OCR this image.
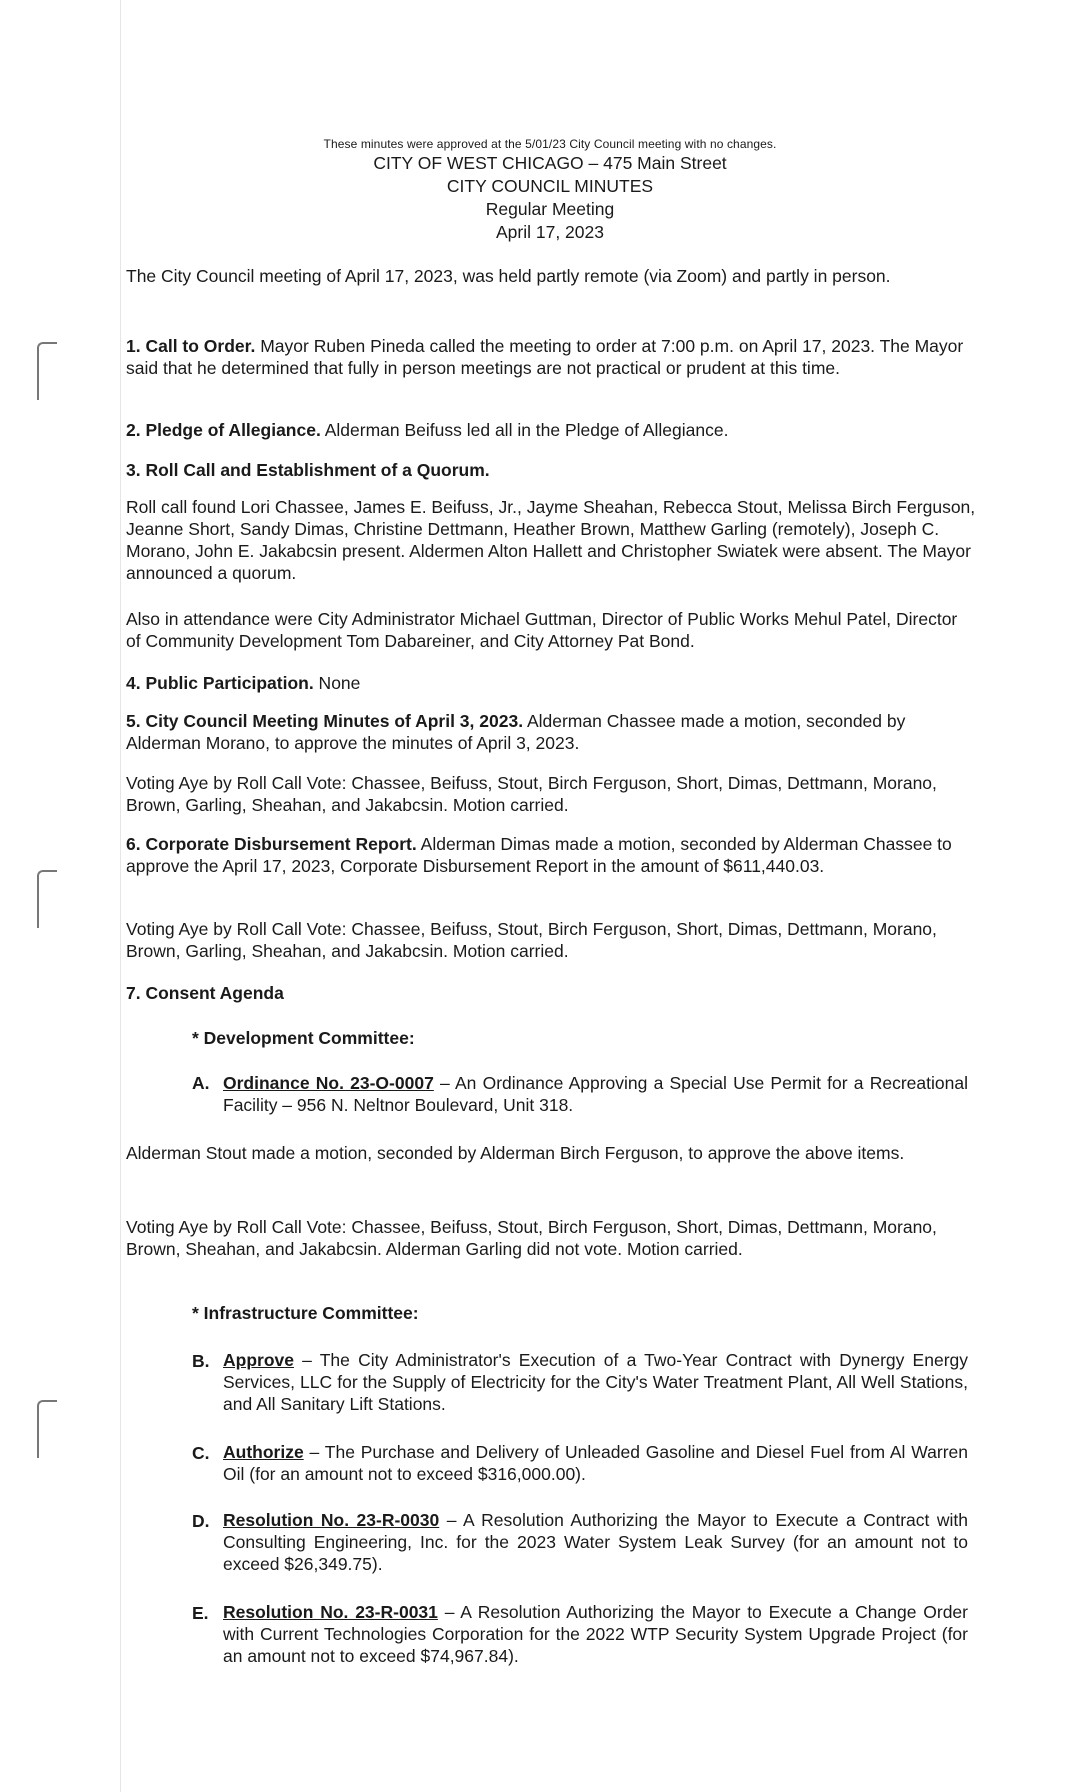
These minutes were approved at the 5/01/23 City Council meeting with no changes.
CITY OF WEST CHICAGO – 475 Main Street
CITY COUNCIL MINUTES
Regular Meeting
April 17, 2023
The City Council meeting of April 17, 2023, was held partly remote (via Zoom) and partly in person.
1. Call to Order. Mayor Ruben Pineda called the meeting to order at 7:00 p.m. on April 17, 2023. The Mayor said that he determined that fully in person meetings are not practical or prudent at this time.
2. Pledge of Allegiance. Alderman Beifuss led all in the Pledge of Allegiance.
3. Roll Call and Establishment of a Quorum.
Roll call found Lori Chassee, James E. Beifuss, Jr., Jayme Sheahan, Rebecca Stout, Melissa Birch Ferguson, Jeanne Short, Sandy Dimas, Christine Dettmann, Heather Brown, Matthew Garling (remotely), Joseph C. Morano, John E. Jakabcsin present. Aldermen Alton Hallett and Christopher Swiatek were absent. The Mayor announced a quorum.
Also in attendance were City Administrator Michael Guttman, Director of Public Works Mehul Patel, Director of Community Development Tom Dabareiner, and City Attorney Pat Bond.
4. Public Participation. None
5. City Council Meeting Minutes of April 3, 2023. Alderman Chassee made a motion, seconded by Alderman Morano, to approve the minutes of April 3, 2023.
Voting Aye by Roll Call Vote: Chassee, Beifuss, Stout, Birch Ferguson, Short, Dimas, Dettmann, Morano, Brown, Garling, Sheahan, and Jakabcsin. Motion carried.
6. Corporate Disbursement Report. Alderman Dimas made a motion, seconded by Alderman Chassee to approve the April 17, 2023, Corporate Disbursement Report in the amount of $611,440.03.
Voting Aye by Roll Call Vote: Chassee, Beifuss, Stout, Birch Ferguson, Short, Dimas, Dettmann, Morano, Brown, Garling, Sheahan, and Jakabcsin. Motion carried.
7. Consent Agenda
* Development Committee:
A. Ordinance No. 23-O-0007 – An Ordinance Approving a Special Use Permit for a Recreational Facility – 956 N. Neltnor Boulevard, Unit 318.
Alderman Stout made a motion, seconded by Alderman Birch Ferguson, to approve the above items.
Voting Aye by Roll Call Vote: Chassee, Beifuss, Stout, Birch Ferguson, Short, Dimas, Dettmann, Morano, Brown, Sheahan, and Jakabcsin. Alderman Garling did not vote. Motion carried.
* Infrastructure Committee:
B. Approve – The City Administrator's Execution of a Two-Year Contract with Dynergy Energy Services, LLC for the Supply of Electricity for the City's Water Treatment Plant, All Well Stations, and All Sanitary Lift Stations.
C. Authorize – The Purchase and Delivery of Unleaded Gasoline and Diesel Fuel from Al Warren Oil (for an amount not to exceed $316,000.00).
D. Resolution No. 23-R-0030 – A Resolution Authorizing the Mayor to Execute a Contract with Consulting Engineering, Inc. for the 2023 Water System Leak Survey (for an amount not to exceed $26,349.75).
E. Resolution No. 23-R-0031 – A Resolution Authorizing the Mayor to Execute a Change Order with Current Technologies Corporation for the 2022 WTP Security System Upgrade Project (for an amount not to exceed $74,967.84).
